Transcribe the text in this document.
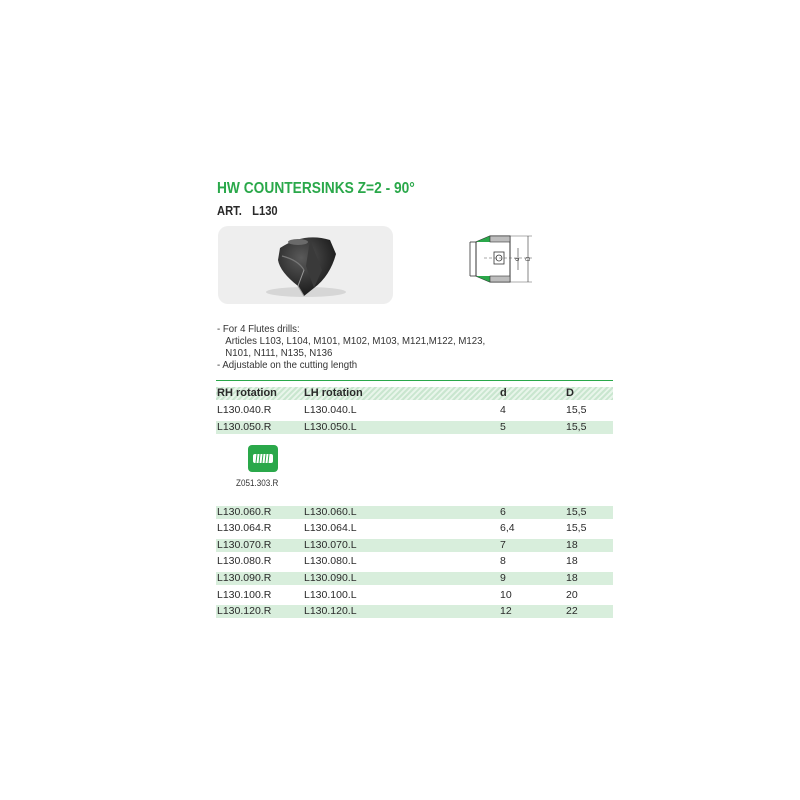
HW COUNTERSINKS Z=2 - 90°
ART. L130
d D
- For 4 Flutes drills:
Articles L103, L104, M101, M102, M103, M121,M122, M123,
N101, N111, N135, N136
- Adjustable on the cutting length
RH rotation LH rotation	d	D
L130.040.R	L130.040.L	4	15,5
L130.050.R	L130.050.L	5	15,5
Z051.303.R
L130.060.R	L130.060.L	6	15,5
L130.064.R	L130.064.L	6,4	15,5
L130.070.R	L130.070.L	7	18
L130.080.R	L130.080.L	8	18
L130.090.R	L130.090.L	9	18
L130.100.R	L130.100.L	10	20
L130.120.R	L130.120.L	12	22
